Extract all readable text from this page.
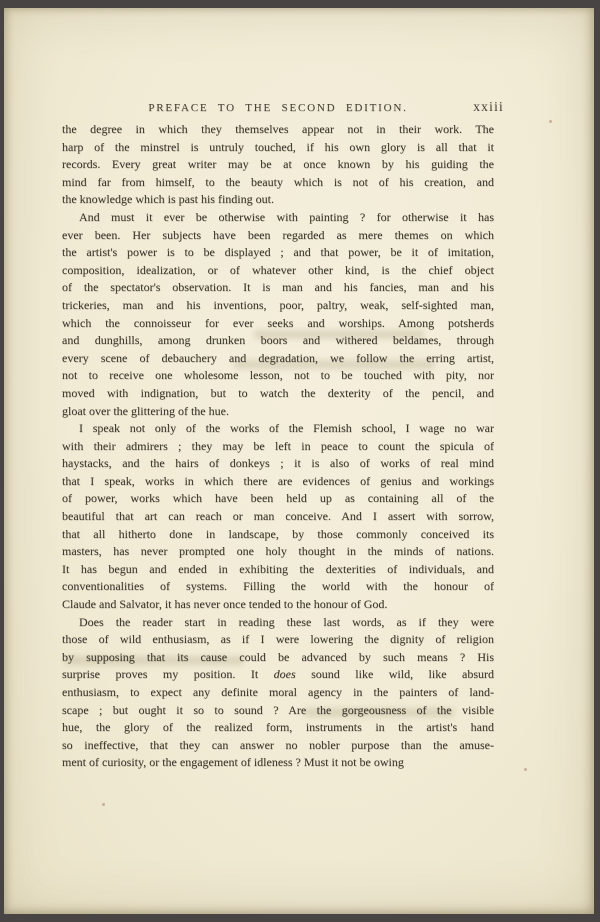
PREFACE TO THE SECOND EDITION.	xxiii
the degree in which they themselves appear not in their work. The
harp of the minstrel is untruly touched, if his own glory is all that it
records. Every great writer may be at once known by his guiding the
mind far from himself, to the beauty which is not of his creation, and
the knowledge which is past his finding out.
And must it ever be otherwise with painting ? for otherwise it has
ever been. Her subjects have been regarded as mere themes on which
the artist's power is to be displayed ; and that power, be it of imitation,
composition, idealization, or of whatever other kind, is the chief object
of the spectator's observation. It is man and his fancies, man and his
trickeries, man and his inventions, poor, paltry, weak, self-sighted man,
which the connoisseur for ever seeks and worships. Among potsherds
and dunghills, among drunken boors and withered beldames, through
every scene of debauchery and degradation, we follow the erring artist,
not to receive one wholesome lesson, not to be touched with pity, nor
moved with indignation, but to watch the dexterity of the pencil, and
gloat over the glittering of the hue.
I speak not only of the works of the Flemish school, I wage no war
with their admirers ; they may be left in peace to count the spicula of
haystacks, and the hairs of donkeys ; it is also of works of real mind
that I speak, works in which there are evidences of genius and workings
of power, works which have been held up as containing all of the
beautiful that art can reach or man conceive. And I assert with sorrow,
that all hitherto done in landscape, by those commonly conceived its
masters, has never prompted one holy thought in the minds of nations.
It has begun and ended in exhibiting the dexterities of individuals, and
conventionalities of systems. Filling the world with the honour of
Claude and Salvator, it has never once tended to the honour of God.
Does the reader start in reading these last words, as if they were
those of wild enthusiasm, as if I were lowering the dignity of religion
by supposing that its cause could be advanced by such means ? His
surprise proves my position. It does sound like wild, like absurd
enthusiasm, to expect any definite moral agency in the painters of land-
scape ; but ought it so to sound ? Are the gorgeousness of the visible
hue, the glory of the realized form, instruments in the artist's hand
so ineffective, that they can answer no nobler purpose than the amuse-
ment of curiosity, or the engagement of idleness ? Must it not be owing
